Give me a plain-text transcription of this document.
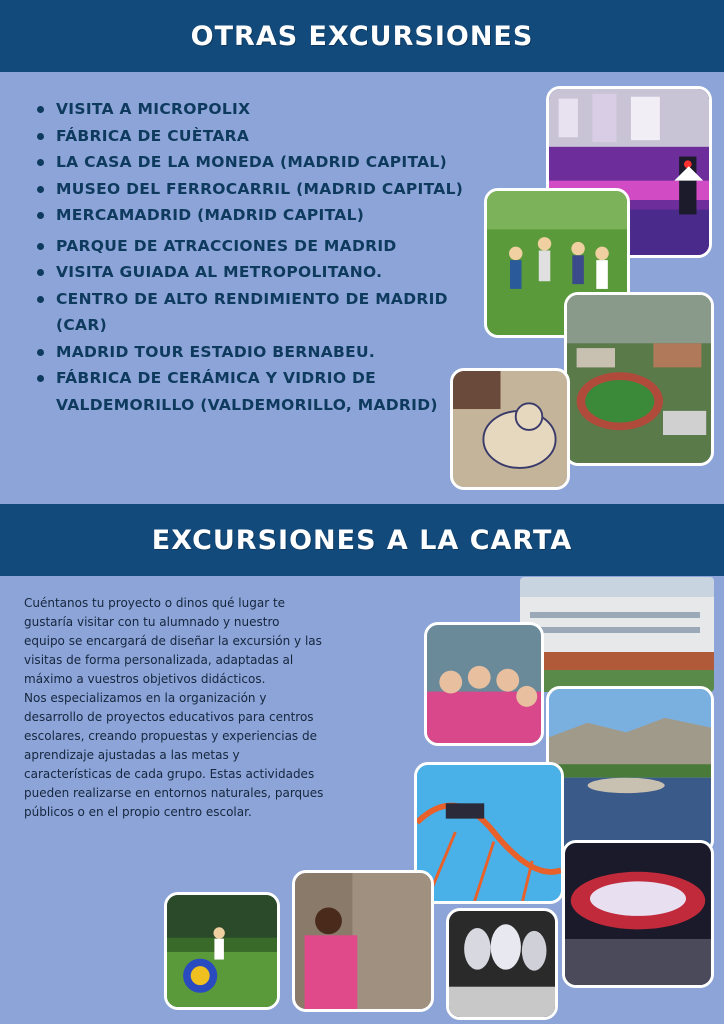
OTRAS EXCURSIONES
VISITA A MICROPOLIX
FÁBRICA DE CUÈTARA
LA CASA DE LA MONEDA (MADRID CAPITAL)
MUSEO DEL FERROCARRIL (MADRID CAPITAL)
MERCAMADRID (MADRID CAPITAL)
PARQUE DE ATRACCIONES DE MADRID
VISITA GUIADA AL METROPOLITANO.
CENTRO DE ALTO RENDIMIENTO DE MADRID (CAR)
MADRID TOUR ESTADIO BERNABEU.
FÁBRICA DE CERÁMICA Y VIDRIO DE VALDEMORILLO (VALDEMORILLO, MADRID)
EXCURSIONES A LA CARTA

Cuéntanos tu proyecto o dinos qué lugar te gustaría visitar con tu alumnado y nuestro equipo se encargará de diseñar la excursión y las visitas de forma personalizada, adaptadas al máximo a vuestros objetivos didácticos.

Nos especializamos en la organización y desarrollo de proyectos educativos para centros escolares, creando propuestas y experiencias de aprendizaje ajustadas a las metas y características de cada grupo. Estas actividades pueden realizarse en entornos naturales, parques públicos o en el propio centro escolar.
